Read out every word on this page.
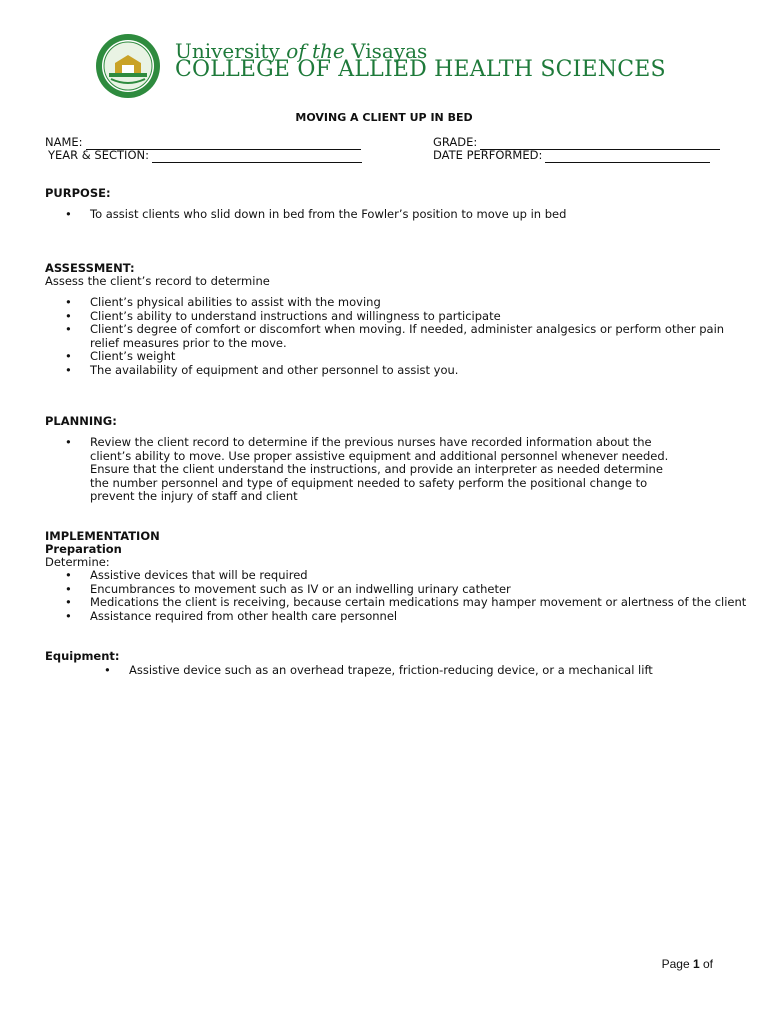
University of the Visayas
COLLEGE OF ALLIED HEALTH SCIENCES
MOVING A CLIENT UP IN BED
NAME:	GRADE:
YEAR & SECTION:	DATE PERFORMED:
PURPOSE:
• To assist clients who slid down in bed from the Fowler’s position to move up in bed
ASSESSMENT:
Assess the client’s record to determine
• Client’s physical abilities to assist with the moving
• Client’s ability to understand instructions and willingness to participate
• Client’s degree of comfort or discomfort when moving. If needed, administer analgesics or perform other pain relief measures prior to the move.
• Client’s weight
• The availability of equipment and other personnel to assist you.
PLANNING:
• Review the client record to determine if the previous nurses have recorded information about the client’s ability to move. Use proper assistive equipment and additional personnel whenever needed. Ensure that the client understand the instructions, and provide an interpreter as needed determine the number personnel and type of equipment needed to safety perform the positional change to prevent the injury of staff and client
IMPLEMENTATION
Preparation
Determine:
• Assistive devices that will be required
• Encumbrances to movement such as IV or an indwelling urinary catheter
• Medications the client is receiving, because certain medications may hamper movement or alertness of the client
• Assistance required from other health care personnel
Equipment:
• Assistive device such as an overhead trapeze, friction-reducing device, or a mechanical lift
Page 1 of
